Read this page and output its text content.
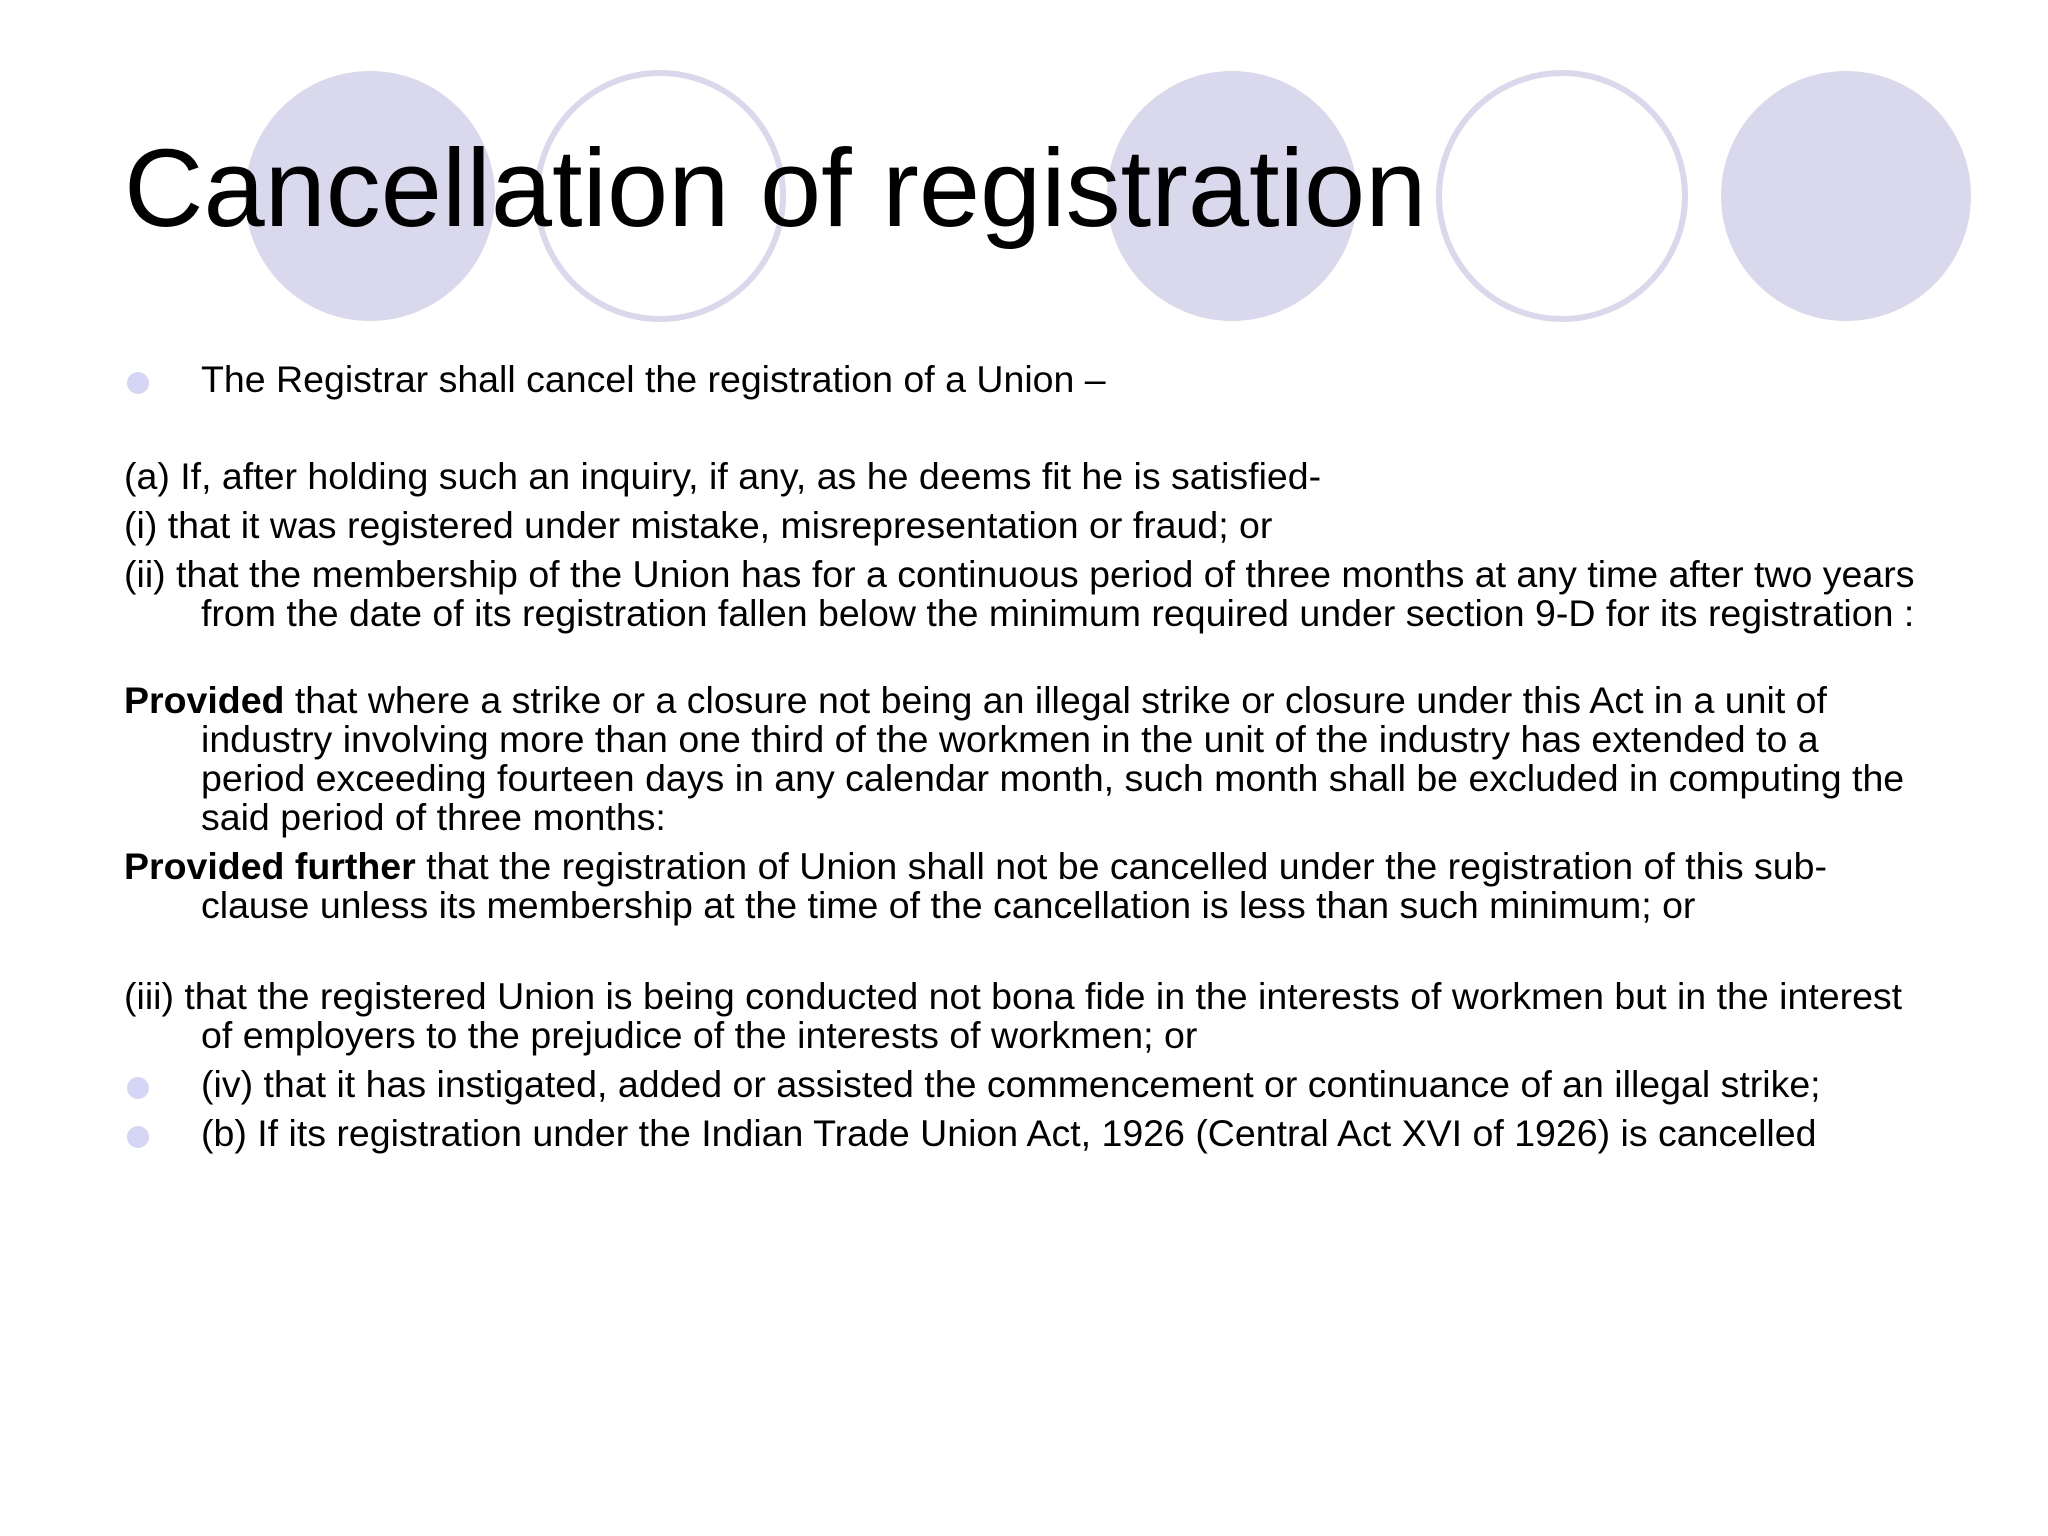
Cancellation of registration

The Registrar shall cancel the registration of a Union –

(a) If, after holding such an inquiry, if any, as he deems fit he is satisfied-

(i) that it was registered under mistake, misrepresentation or fraud; or

(ii) that the membership of the Union has for a continuous period of three months at any time after two years from the date of its registration fallen below the minimum required under section 9-D for its registration :

Provided that where a strike or a closure not being an illegal strike or closure under this Act in a unit of industry involving more than one third of the workmen in the unit of the industry has extended to a period exceeding fourteen days in any calendar month, such month shall be excluded in computing the said period of three months:

Provided further that the registration of Union shall not be cancelled under the registration of this sub-clause unless its membership at the time of the cancellation is less than such minimum; or

(iii) that the registered Union is being conducted not bona fide in the interests of workmen but in the interest of employers to the prejudice of the interests of workmen; or

(iv) that it has instigated, added or assisted the commencement or continuance of an illegal strike;

(b) If its registration under the Indian Trade Union Act, 1926 (Central Act XVI of 1926) is cancelled
